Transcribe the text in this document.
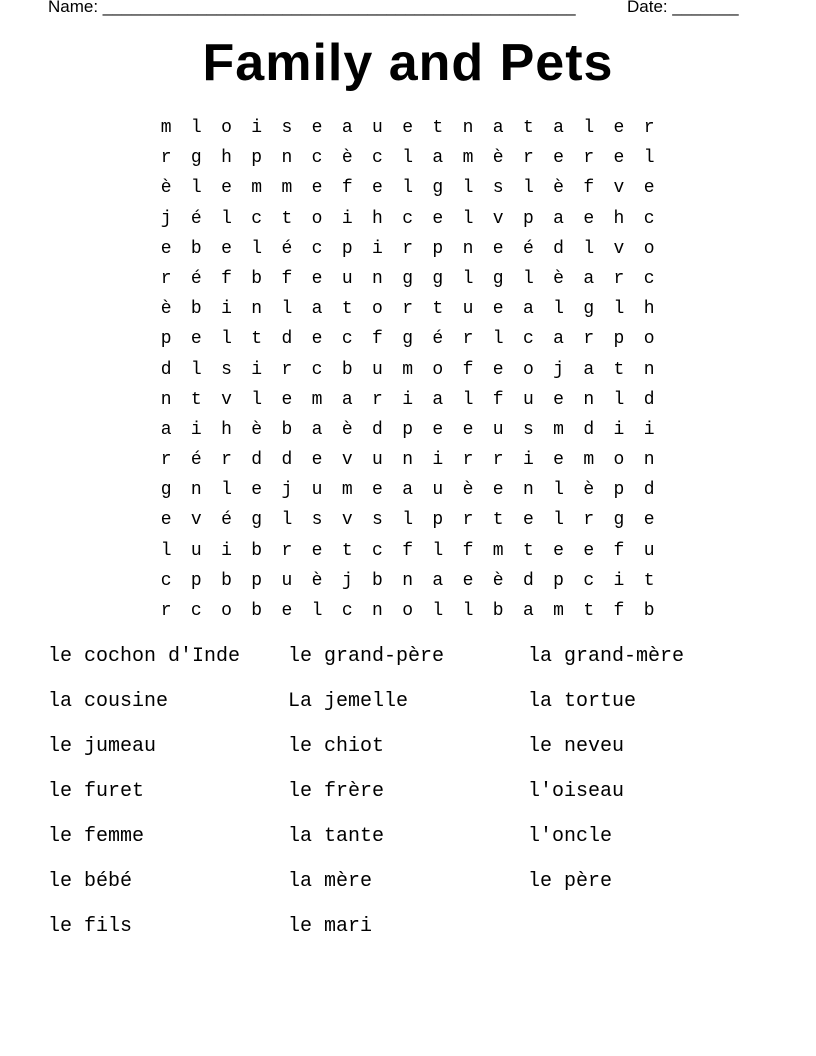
Name: __________________________________________________	Date: _______
Family and Pets
m	l	o	i	s	e	a	u	e	t	n	a	t	a	l	e	r
r	g	h	p	n	c	è	c	l	a	m	è	r	e	r	e	l
è	l	e	m	m	e	f	e	l	g	l	s	l	è	f	v	e
j	é	l	c	t	o	i	h	c	e	l	v	p	a	e	h	c
e	b	e	l	é	c	p	i	r	p	n	e	é	d	l	v	o
r	é	f	b	f	e	u	n	g	g	l	g	l	è	a	r	c
è	b	i	n	l	a	t	o	r	t	u	e	a	l	g	l	h
p	e	l	t	d	e	c	f	g	é	r	l	c	a	r	p	o
d	l	s	i	r	c	b	u	m	o	f	e	o	j	a	t	n
n	t	v	l	e	m	a	r	i	a	l	f	u	e	n	l	d
a	i	h	è	b	a	è	d	p	e	e	u	s	m	d	i	i
r	é	r	d	d	e	v	u	n	i	r	r	i	e	m	o	n
g	n	l	e	j	u	m	e	a	u	è	e	n	l	è	p	d
e	v	é	g	l	s	v	s	l	p	r	t	e	l	r	g	e
l	u	i	b	r	e	t	c	f	l	f	m	t	e	e	f	u
c	p	b	p	u	è	j	b	n	a	e	è	d	p	c	i	t
r	c	o	b	e	l	c	n	o	l	l	b	a	m	t	f	b
le cochon d'Inde	le grand-père	la grand-mère
la cousine	La jemelle	la tortue
le jumeau	le chiot	le neveu
le furet	le frère	l'oiseau
le femme	la tante	l'oncle
le bébé	la mère	le père
le fils	le mari
